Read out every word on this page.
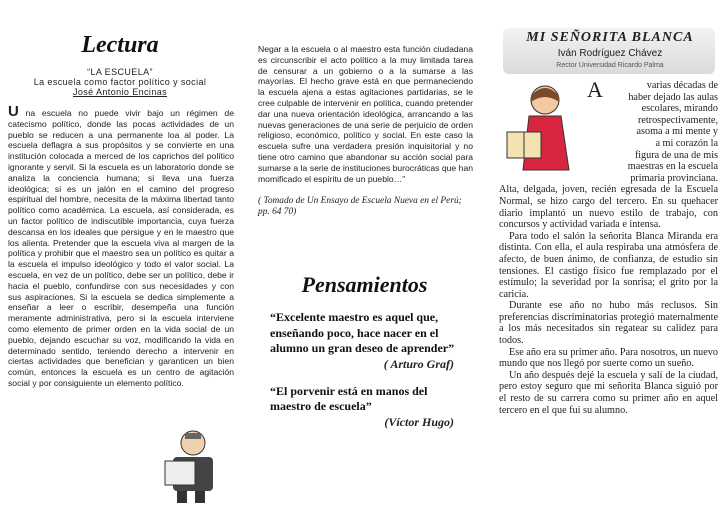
Lectura
“LA ESCUELA”
La escuela como factor político y social
José Antonio Encinas

U na escuela no puede vivir bajo un régimen de catecismo político, donde las pocas actividades de un pueblo se reducen a una permanente loa al poder. La escuela deflagra a sus propósitos y se convierte en una institución colocada a merced de los caprichos del político ignorante y servil. Si la escuela es un laboratorio donde se analiza la conciencia humana; si lleva una fuerza ideológica; si es un jalón en el camino del progreso espiritual del hombre, necesita de la máxima libertad tanto político como académica. La escuela, así considerada, es un factor político de indiscutible importancia, cuya fuerza descansa en los ideales que persigue y en le maestro que los alienta. Pretender que la escuela viva al margen de la política y prohibir que el maestro sea un político es quitar a la escuela el impulso ideológico y todo el valor social. La escuela, en vez de un político, debe ser un político, debe ir hacia el pueblo, confundirse con sus necesidades y con sus aspiraciones. Si la escuela se dedica simplemente a enseñar a leer o escribir, desempeña una función meramente administrativa, pero si la escuela interviene como elemento de primer orden en la vida social de un pueblo, dejando escuchar su voz, modificando la vida en determinado sentido, teniendo derecho a intervenir en ciertas actividades que benefician y garanticen un bien común, entonces la escuela es un centro de agitación social y por consiguiente un elemento político.

Negar a la escuela o al maestro esta función ciudadana es circunscribir el acto político a la muy limitada tarea de censurar a un gobierno o a la sumarse a las mayorías. El hecho grave está en que permaneciendo la escuela ajena a estas agitaciones partidarias, se le cree culpable de intervenir en política, cuando pretender dar una nueva orientación ideológica, arrancando a las nuevas generaciones de una serie de perjuicio de orden religioso, económico, político y social. En este caso la escuela sufre una verdadera presión inquisitorial y no tiene otro camino que abandonar su acción social para sumarse a la serie de instituciones burocráticas que han momificado el espíritu de un pueblo…”

( Tomado de Un Ensayo de Escuela Nueva en el Perú; pp. 64 70)

Pensamientos

“Excelente maestro es aquel que, enseñando poco, hace nacer en el alumno un gran deseo de aprender”

( Arturo Graf)

“El porvenir está en manos del maestro de escuela”

(Víctor Hugo)

MI SEÑORITA BLANCA
Iván Rodríguez Chávez
Rector Universidad Ricardo Palma
A	varias décadas de
haber dejado las aulas
escolares, mirando
retrospectivamente,
asoma a mi mente y
a mi corazón la
figura de una de mis
maestras en la escuela
primaria provinciana.

Alta, delgada, joven, recién egresada de la Escuela Normal, se hizo cargo del tercero. En su quehacer diario implantó un nuevo estilo de trabajo, con concursos y actividad variada e intensa.

Para todo el salón la señorita Blanca Miranda era distinta. Con ella, el aula respiraba una atmósfera de afecto, de buen ánimo, de confianza, de estudio sin tensiones. El castigo físico fue remplazado por el estímulo; la severidad por la sonrisa; el grito por la caricia.

Durante ese año no hubo más reclusos. Sin preferencias discriminatorias protegió maternalmente a los más necesitados sin regatear su calidez para todos.

Ese año era su primer año. Para nosotros, un nuevo mundo que nos llegó por suerte como un sueño.

Un año después dejé la escuela y salí de la ciudad, pero estoy seguro que mi señorita Blanca siguió por el resto de su carrera como su primer año en aquel tercero en el que fui su alumno.
